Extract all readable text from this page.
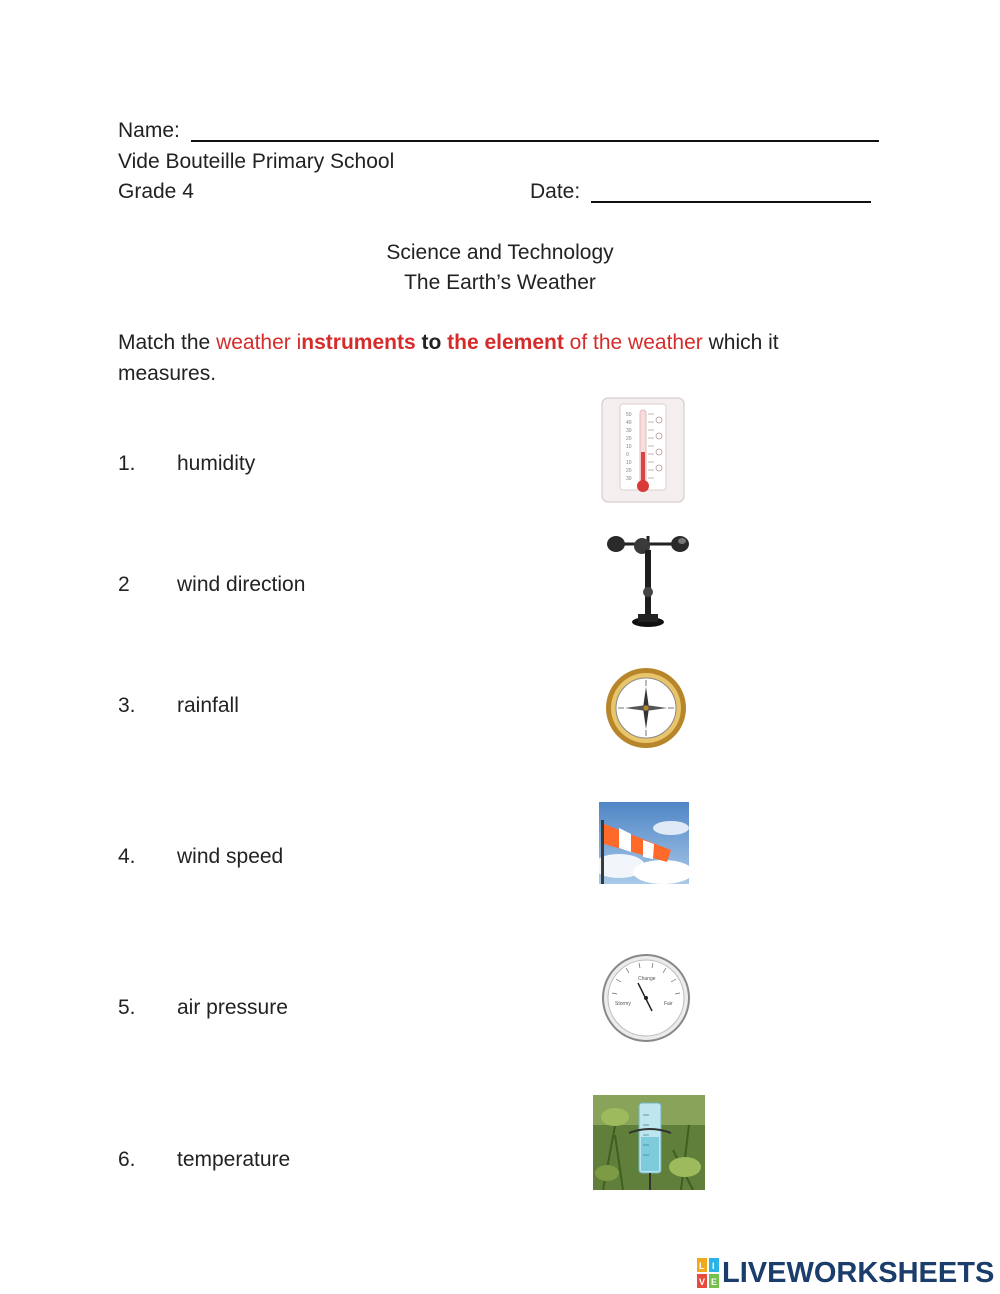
Name:
Vide Bouteille Primary School
Grade 4	Date:
Science and Technology
The Earth’s Weather
Match the weather instruments to the element of the weather which it
measures.
1. humidity
2 wind direction
3. rainfall
4. wind speed
5. air pressure
6. temperature
50
40
30
20
10
0
10
20
30
Stormy
Change
Fair
L I
V E LIVEWORKSHEETS
